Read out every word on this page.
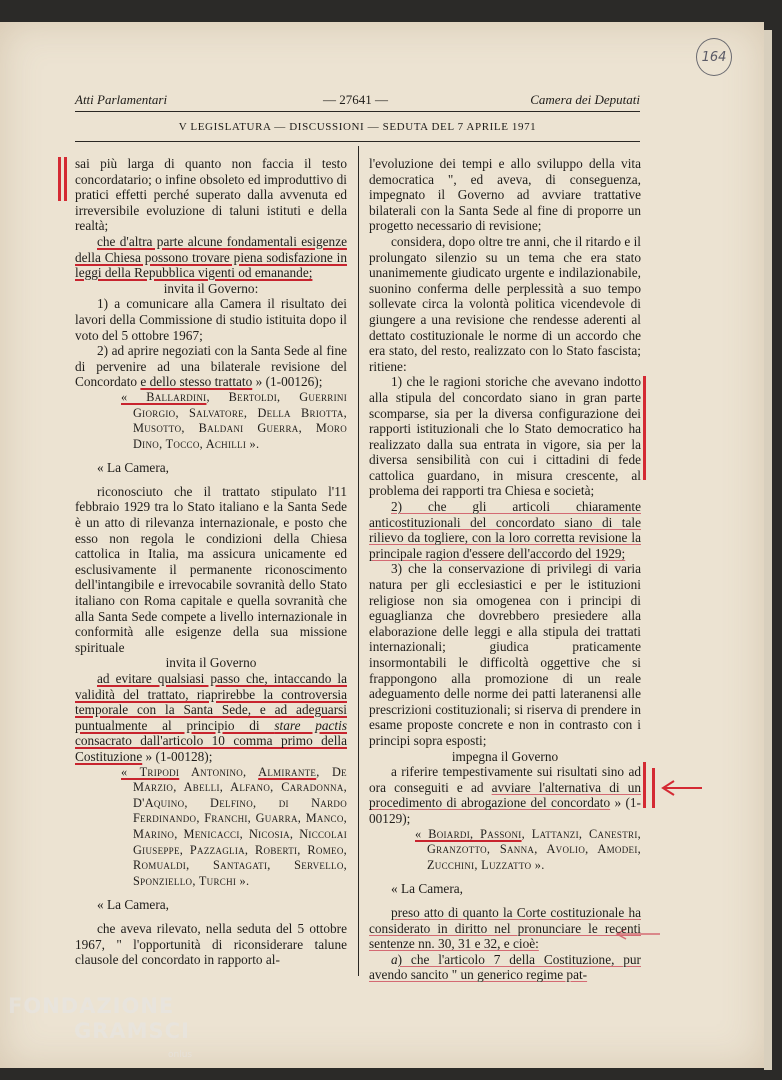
164
Atti Parlamentari	— 27641 —	Camera dei Deputati
V LEGISLATURA — DISCUSSIONI — SEDUTA DEL 7 APRILE 1971

sai più larga di quanto non faccia il testo concordatario; o infine obsoleto ed improduttivo di pratici effetti perché superato dalla avvenuta ed irreversibile evoluzione di taluni istituti e della realtà;

che d'altra parte alcune fondamentali esigenze della Chiesa possono trovare piena sodisfazione in leggi della Repubblica vigenti od emanande;

invita il Governo:

1) a comunicare alla Camera il risultato dei lavori della Commissione di studio istituita dopo il voto del 5 ottobre 1967;

2) ad aprire negoziati con la Santa Sede al fine di pervenire ad una bilaterale revisione del Concordato e dello stesso trattato » (1-00126);

« Ballardini, Bertoldi, Guerrini Giorgio, Salvatore, Della Briotta, Musotto, Baldani Guerra, Moro Dino, Tocco, Achilli ».

« La Camera,

riconosciuto che il trattato stipulato l'11 febbraio 1929 tra lo Stato italiano e la Santa Sede è un atto di rilevanza internazionale, e posto che esso non regola le condizioni della Chiesa cattolica in Italia, ma assicura unicamente ed esclusivamente il permanente riconoscimento dell'intangibile e irrevocabile sovranità dello Stato italiano con Roma capitale e quella sovranità che alla Santa Sede compete a livello internazionale in conformità alle esigenze della sua missione spirituale

invita il Governo

ad evitare qualsiasi passo che, intaccando la validità del trattato, riaprirebbe la controversia temporale con la Santa Sede, e ad adeguarsi puntualmente al principio di stare pactis consacrato dall'articolo 10 comma primo della Costituzione » (1-00128);

« Tripodi Antonino, Almirante, De Marzio, Abelli, Alfano, Caradonna, D'Aquino, Delfino, di Nardo Ferdinando, Franchi, Guarra, Manco, Marino, Menicacci, Nicosia, Niccolai Giuseppe, Pazzaglia, Roberti, Romeo, Romualdi, Santagati, Servello, Sponziello, Turchi ».

« La Camera,

che aveva rilevato, nella seduta del 5 ottobre 1967, " l'opportunità di riconsiderare talune clausole del concordato in rapporto al-

l'evoluzione dei tempi e allo sviluppo della vita democratica ", ed aveva, di conseguenza, impegnato il Governo ad avviare trattative bilaterali con la Santa Sede al fine di proporre un progetto necessario di revisione;

considera, dopo oltre tre anni, che il ritardo e il prolungato silenzio su un tema che era stato unanimemente giudicato urgente e indilazionabile, suonino conferma delle perplessità a suo tempo sollevate circa la volontà politica vicendevole di giungere a una revisione che rendesse aderenti al dettato costituzionale le norme di un accordo che era stato, del resto, realizzato con lo Stato fascista; ritiene:

1) che le ragioni storiche che avevano indotto alla stipula del concordato siano in gran parte scomparse, sia per la diversa configurazione dei rapporti istituzionali che lo Stato democratico ha realizzato dalla sua entrata in vigore, sia per la diversa sensibilità con cui i cittadini di fede cattolica guardano, in misura crescente, al problema dei rapporti tra Chiesa e società;

2) che gli articoli chiaramente anticostituzionali del concordato siano di tale rilievo da togliere, con la loro corretta revisione la principale ragion d'essere dell'accordo del 1929;

3) che la conservazione di privilegi di varia natura per gli ecclesiastici e per le istituzioni religiose non sia omogenea con i principi di eguaglianza che dovrebbero presiedere alla elaborazione delle leggi e alla stipula dei trattati internazionali; giudica praticamente insormontabili le difficoltà oggettive che si frappongono alla promozione di un reale adeguamento delle norme dei patti lateranensi alle prescrizioni costituzionali; si riserva di prendere in esame proposte concrete e non in contrasto con i principi sopra esposti;

impegna il Governo

a riferire tempestivamente sui risultati sino ad ora conseguiti e ad avviare l'alternativa di un procedimento di abrogazione del concordato » (1-00129);

« Boiardi, Passoni, Lattanzi, Canestri, Granzotto, Sanna, Avolio, Amodei, Zucchini, Luzzatto ».

« La Camera,

preso atto di quanto la Corte costituzionale ha considerato in diritto nel pronunciare le recenti sentenze nn. 30, 31 e 32, e cioè:

a) che l'articolo 7 della Costituzione, pur avendo sancito " un generico regime pat-

FONDAZIONE
GRAMSCI
onlus
